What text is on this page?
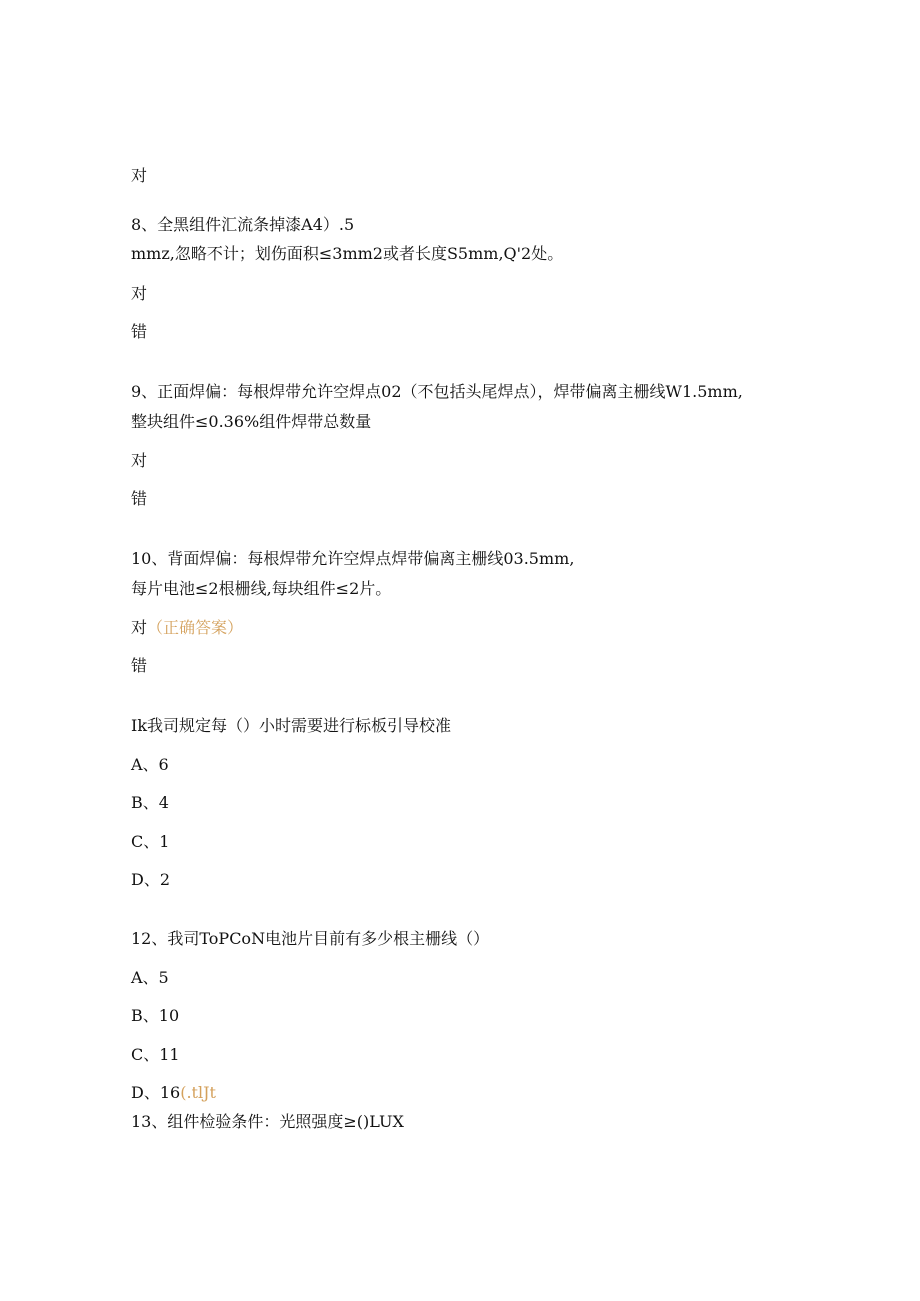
对
8、全黑组件汇流条掉漆A4）.5
mmz,忽略不计；划伤面积≤3mm2或者长度S5mm,Q'2处。
对
错
9、正面焊偏：每根焊带允许空焊点02（不包括头尾焊点），焊带偏离主栅线W1.5mm,
整块组件≤0.36%组件焊带总数量
对
错
10、背面焊偏：每根焊带允许空焊点焊带偏离主栅线03.5mm,
每片电池≤2根栅线,每块组件≤2片。
对（正确答案）
错
Ik我司规定每（）小时需要进行标板引导校准
A、6
B、4
C、1
D、2
12、我司ToPCoN电池片目前有多少根主栅线（）
A、5
B、10
C、11
D、16(.tlJt
13、组件检验条件：光照强度≥()LUX
